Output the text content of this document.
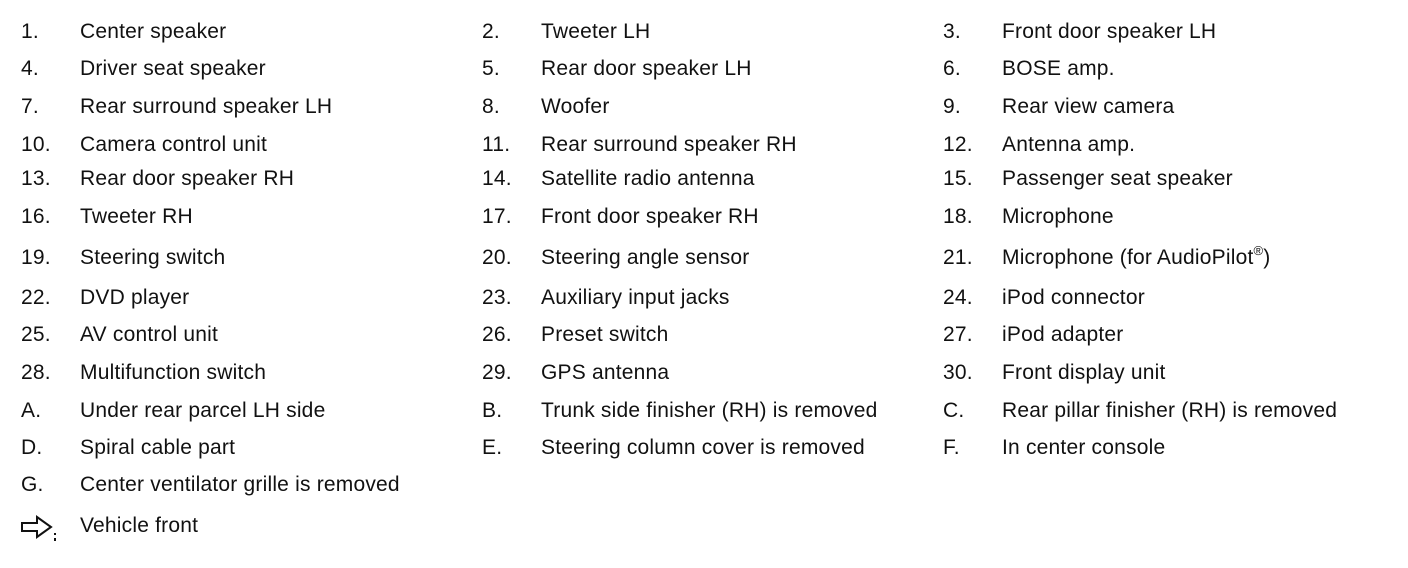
1. Center speaker	2. Tweeter LH	3. Front door speaker LH
4. Driver seat speaker	5. Rear door speaker LH	6. BOSE amp.
7. Rear surround speaker LH	8. Woofer	9. Rear view camera
10. Camera control unit	11. Rear surround speaker RH	12. Antenna amp.
13. Rear door speaker RH	14. Satellite radio antenna	15. Passenger seat speaker
16. Tweeter RH	17. Front door speaker RH	18. Microphone
19. Steering switch	20. Steering angle sensor	21. Microphone (for AudioPilot®)
22. DVD player	23. Auxiliary input jacks	24. iPod connector
25. AV control unit	26. Preset switch	27. iPod adapter
28. Multifunction switch	29. GPS antenna	30. Front display unit
A. Under rear parcel LH side	B. Trunk side finisher (RH) is removed	C. Rear pillar finisher (RH) is removed
D. Spiral cable part	E. Steering column cover is removed	F. In center console
G. Center ventilator grille is removed
Vehicle front
